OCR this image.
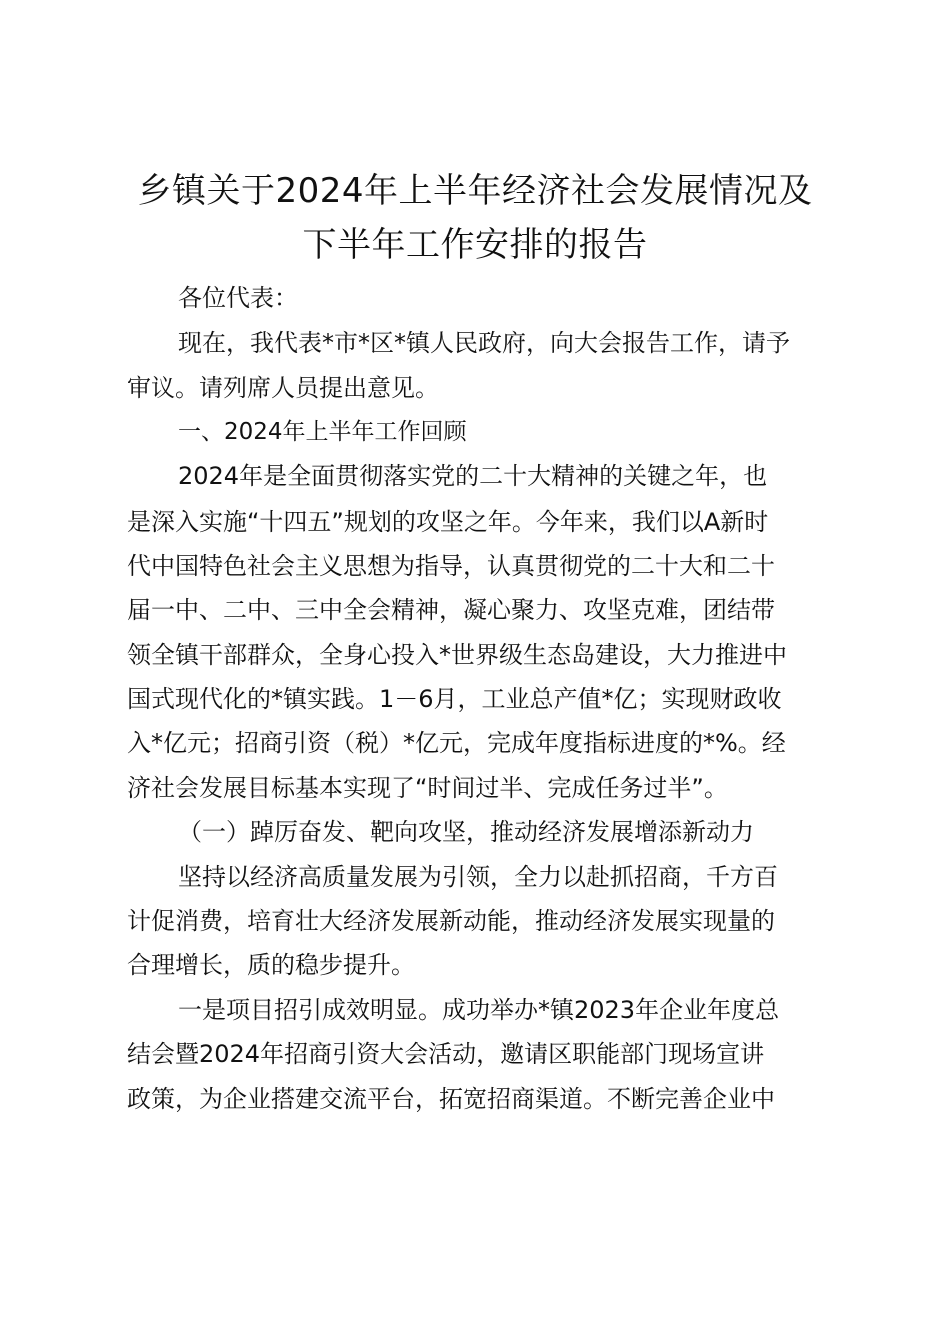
乡镇关于2024年上半年经济社会发展情况及
下半年工作安排的报告

各位代表：

现在，我代表*市*区*镇人民政府，向大会报告工作，请予

审议。请列席人员提出意见。

一、2024年上半年工作回顾

2024年是全面贯彻落实党的二十大精神的关键之年，也

是深入实施“十四五”规划的攻坚之年。今年来，我们以A新时

代中国特色社会主义思想为指导，认真贯彻党的二十大和二十

届一中、二中、三中全会精神，凝心聚力、攻坚克难，团结带

领全镇干部群众，全身心投入*世界级生态岛建设，大力推进中

国式现代化的*镇实践。1－6月，工业总产值*亿；实现财政收

入*亿元；招商引资（税）*亿元，完成年度指标进度的*%。经

济社会发展目标基本实现了“时间过半、完成任务过半”。

（一）踔厉奋发、靶向攻坚，推动经济发展增添新动力

坚持以经济高质量发展为引领，全力以赴抓招商，千方百

计促消费，培育壮大经济发展新动能，推动经济发展实现量的

合理增长，质的稳步提升。

一是项目招引成效明显。成功举办*镇2023年企业年度总

结会暨2024年招商引资大会活动，邀请区职能部门现场宣讲

政策，为企业搭建交流平台，拓宽招商渠道。不断完善企业中
